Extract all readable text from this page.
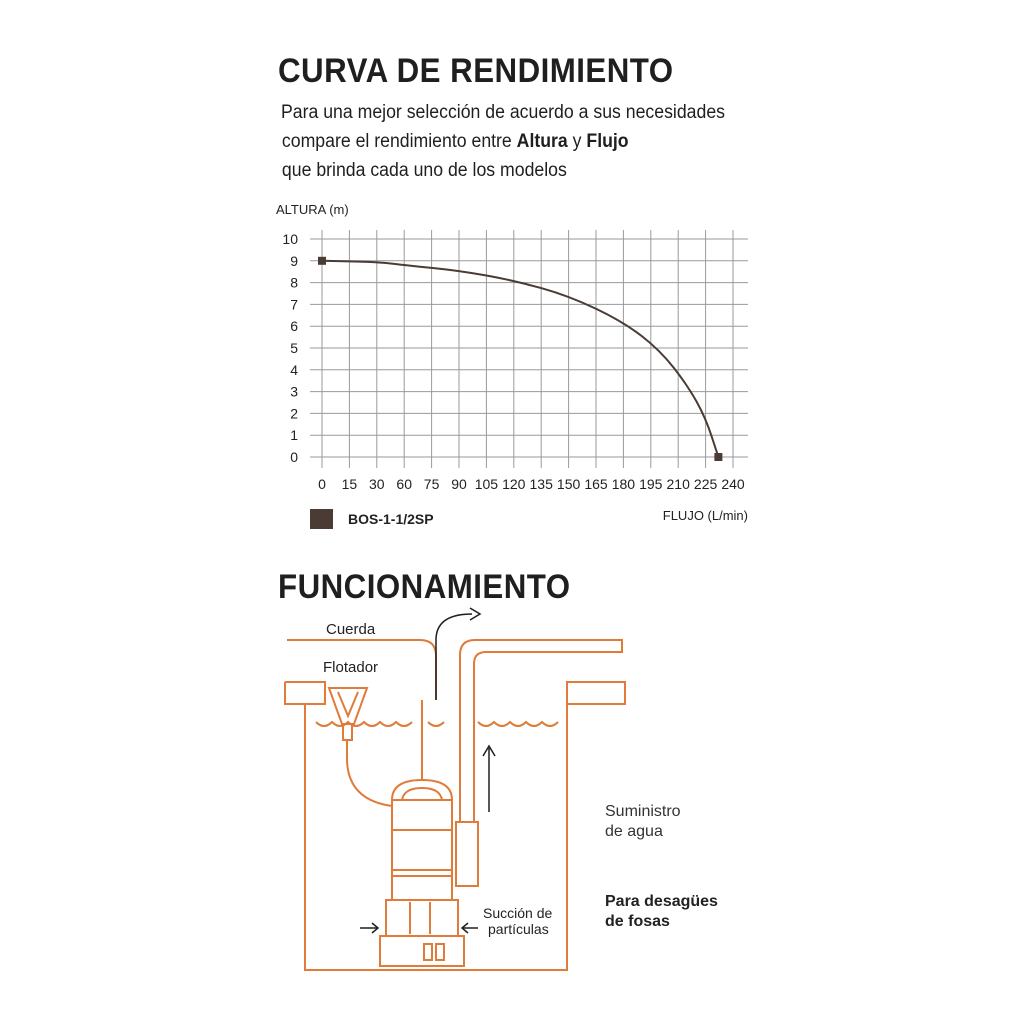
CURVA DE RENDIMIENTO
Para una mejor selección de acuerdo a sus necesidades
compare el rendimiento entre Altura y Flujo
que brinda cada uno de los modelos
ALTURA (m)
0
1
2
3
4
5
6
7
8
9
10
0 15 30 60 75 90 105 120 135 150 165 180 195 210 225 240
FLUJO (L/min)
BOS-1-1/2SP
FUNCIONAMIENTO
Cuerda
Flotador
Suministro
de agua
Para desagües
de fosas
Succión de
partículas
